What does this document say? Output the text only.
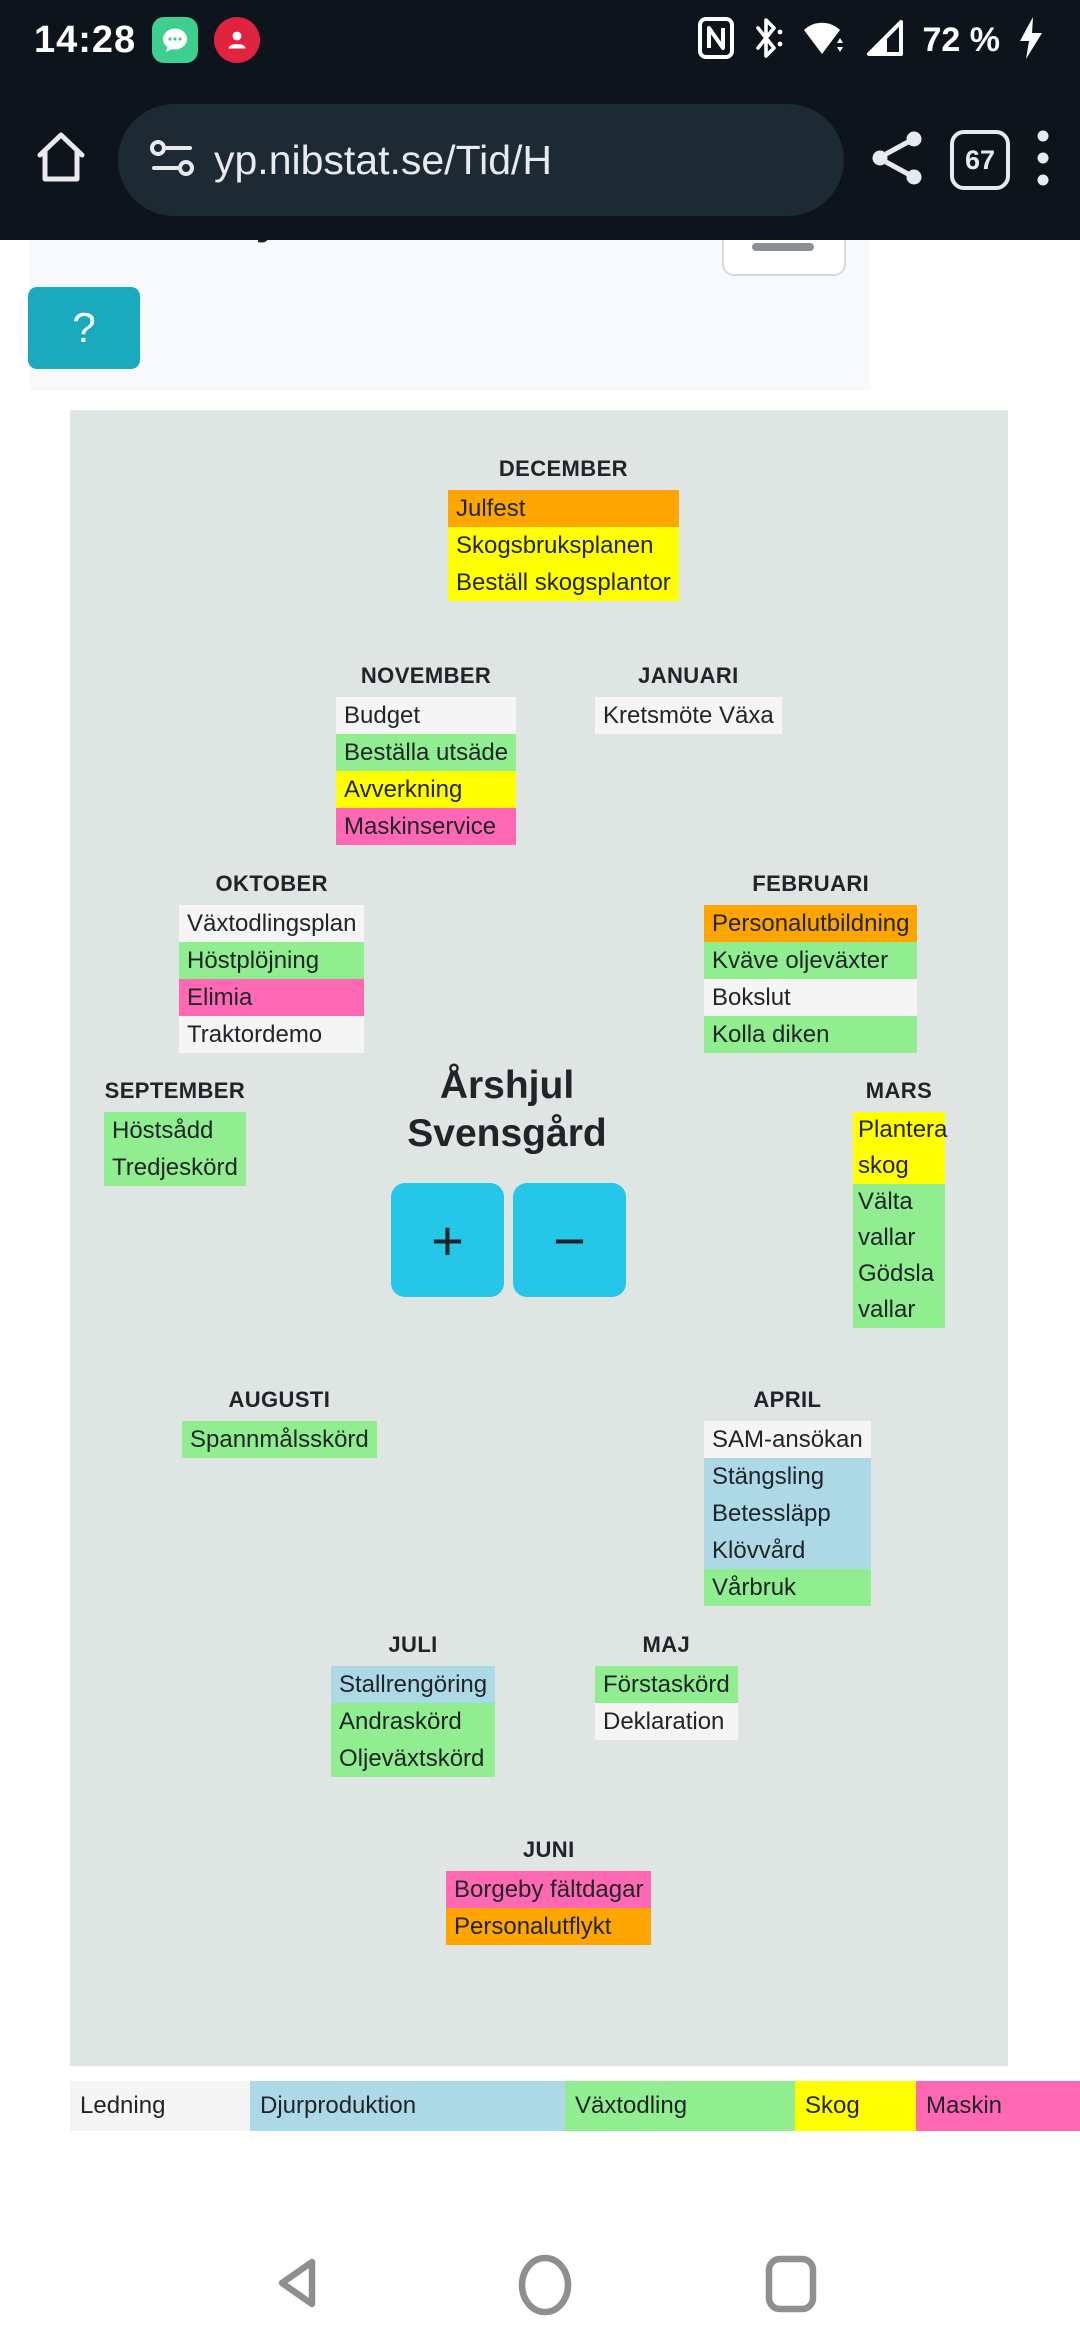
14:28	72 %
yp.nibstat.se/Tid/H	67
?
DECEMBER
Julfest
Skogsbruksplanen
Beställ skogsplantor
NOVEMBER
Budget
Beställa utsäde
Avverkning
Maskinservice
JANUARI
Kretsmöte Växa
OKTOBER
Växtodlingsplan
Höstplöjning
Elimia
Traktordemo
FEBRUARI
Personalutbildning
Kväve oljeväxter
Bokslut
Kolla diken
SEPTEMBER
Höstsådd
Tredjeskörd
MARS
Plantera skog
Välta vallar
Gödsla vallar
AUGUSTI
Spannmålsskörd
APRIL
SAM-ansökan
Stängsling
Betessläpp
Klövvård
Vårbruk
JULI
Stallrengöring
Andraskörd
Oljeväxtskörd
MAJ
Förstaskörd
Deklaration
JUNI
Borgeby fältdagar
Personalutflykt
Årshjul
Svensgård
+	−
Ledning	Djurproduktion	Växtodling	Skog	Maskin
